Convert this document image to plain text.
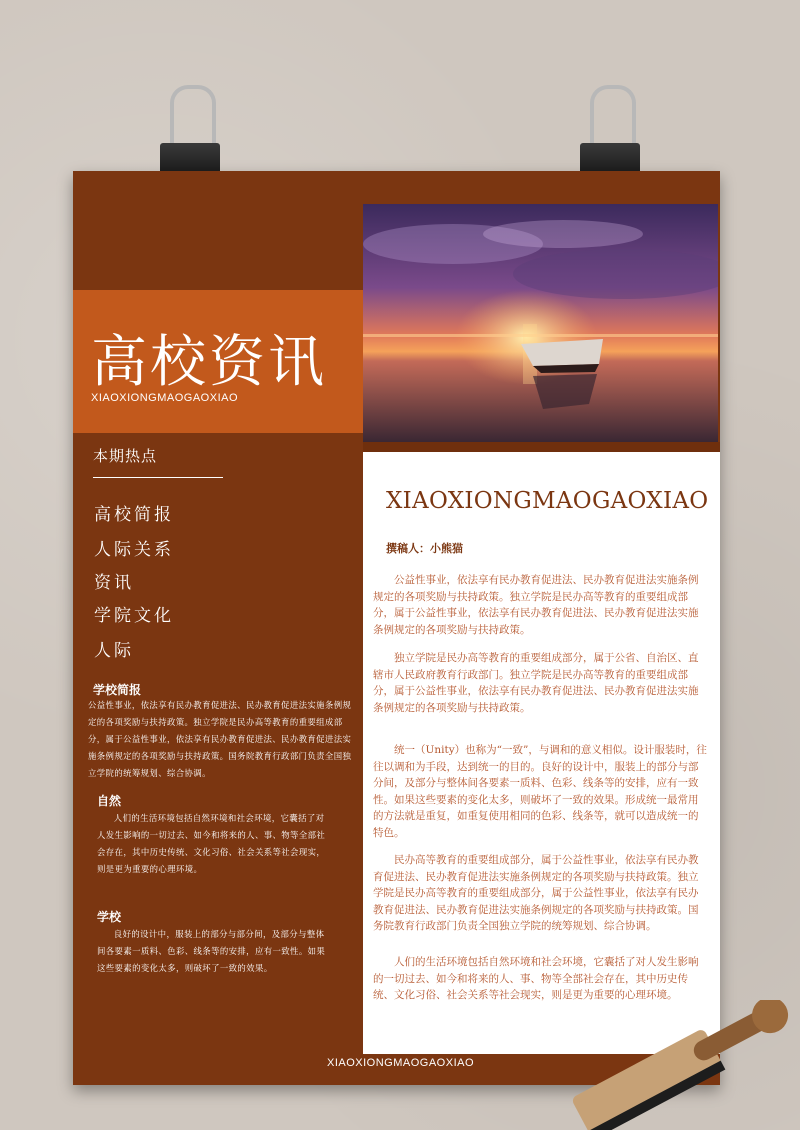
高校资讯
XIAOXIONGMAOGAOXIAO
XIAOXIONGMAOGAOXIAO
撰稿人：小熊猫

公益性事业，依法享有民办教育促进法、民办教育促进法实施条例规定的各项奖励与扶持政策。独立学院是民办高等教育的重要组成部分，属于公益性事业，依法享有民办教育促进法、民办教育促进法实施条例规定的各项奖励与扶持政策。

独立学院是民办高等教育的重要组成部分，属于公省、自治区、直辖市人民政府教育行政部门。独立学院是民办高等教育的重要组成部分，属于公益性事业，依法享有民办教育促进法、民办教育促进法实施条例规定的各项奖励与扶持政策。

统一（Unity）也称为“一致”，与调和的意义相似。设计服装时，往往以调和为手段，达到统一的目的。良好的设计中，服装上的部分与部分间，及部分与整体间各要素一质料、色彩、线条等的安排，应有一致性。如果这些要素的变化太多，则破坏了一致的效果。形成统一最常用的方法就是重复，如重复使用相同的色彩、线条等，就可以造成统一的特色。

民办高等教育的重要组成部分，属于公益性事业，依法享有民办教育促进法、民办教育促进法实施条例规定的各项奖励与扶持政策。独立学院是民办高等教育的重要组成部分，属于公益性事业，依法享有民办教育促进法、民办教育促进法实施条例规定的各项奖励与扶持政策。国务院教育行政部门负责全国独立学院的统筹规划、综合协调。

人们的生活环境包括自然环境和社会环境，它囊括了对人发生影响的一切过去、如今和将来的人、事、物等全部社会存在，其中历史传统、文化习俗、社会关系等社会现实，则是更为重要的心理环境。

本期热点
高校简报
人际关系
资讯
学院文化
人际
学校简报

公益性事业，依法享有民办教育促进法、民办教育促进法实施条例规定的各项奖励与扶持政策。独立学院是民办高等教育的重要组成部分，属于公益性事业，依法享有民办教育促进法、民办教育促进法实施条例规定的各项奖励与扶持政策。国务院教育行政部门负责全国独立学院的统筹规划、综合协调。

自然

人们的生活环境包括自然环境和社会环境，它囊括了对人发生影响的一切过去、如今和将来的人、事、物等全部社会存在，其中历史传统、文化习俗、社会关系等社会现实，则是更为重要的心理环境。

学校

良好的设计中，服装上的部分与部分间，及部分与整体间各要素一质料、色彩、线条等的安排，应有一致性。如果这些要素的变化太多，则破坏了一致的效果。

XIAOXIONGMAOGAOXIAO
